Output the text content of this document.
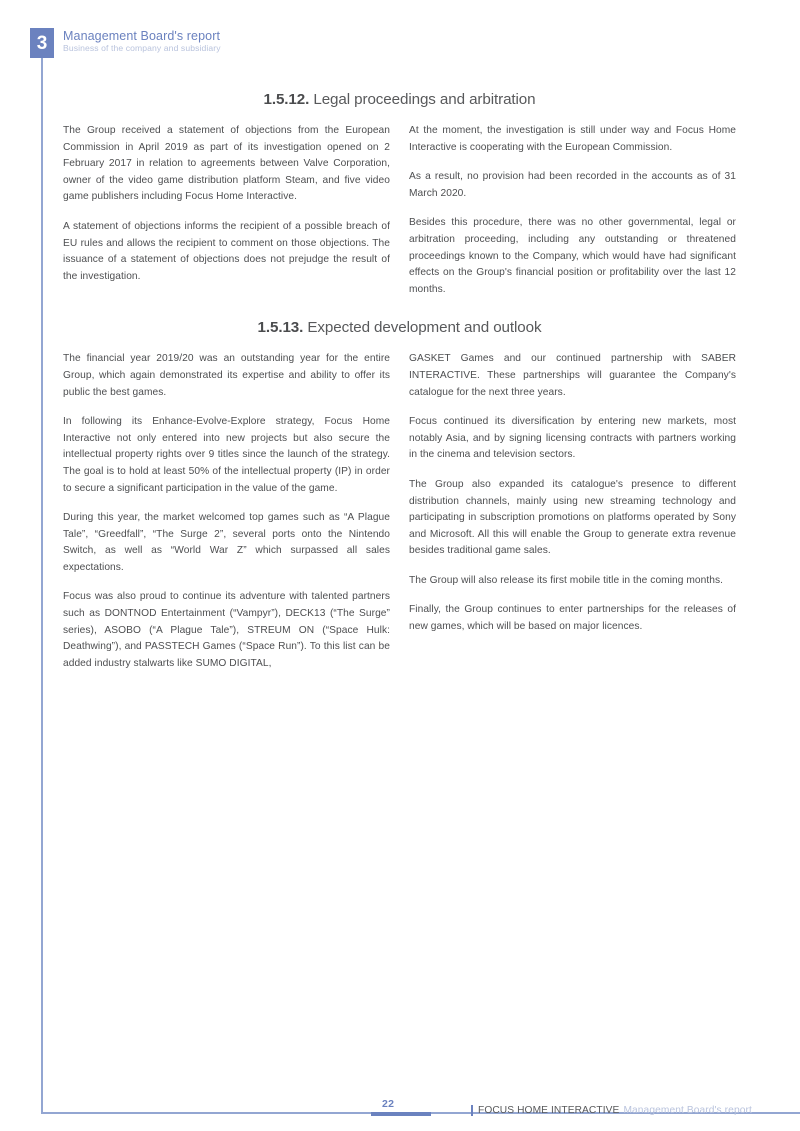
3	Management Board's report
Business of the company and subsidiary
1.5.12. Legal proceedings and arbitration

The Group received a statement of objections from the European Commission in April 2019 as part of its investigation opened on 2 February 2017 in relation to agreements between Valve Corporation, owner of the video game distribution platform Steam, and five video game publishers including Focus Home Interactive.

A statement of objections informs the recipient of a possible breach of EU rules and allows the recipient to comment on those objections. The issuance of a statement of objections does not prejudge the result of the investigation.

At the moment, the investigation is still under way and Focus Home Interactive is cooperating with the European Commission.

As a result, no provision had been recorded in the accounts as of 31 March 2020.

Besides this procedure, there was no other governmental, legal or arbitration proceeding, including any outstanding or threatened proceedings known to the Company, which would have had significant effects on the Group's financial position or profitability over the last 12 months.

1.5.13. Expected development and outlook

The financial year 2019/20 was an outstanding year for the entire Group, which again demonstrated its expertise and ability to offer its public the best games.

In following its Enhance-Evolve-Explore strategy, Focus Home Interactive not only entered into new projects but also secure the intellectual property rights over 9 titles since the launch of the strategy. The goal is to hold at least 50% of the intellectual property (IP) in order to secure a significant participation in the value of the game.

During this year, the market welcomed top games such as “A Plague Tale”, “Greedfall”, “The Surge 2”, several ports onto the Nintendo Switch, as well as “World War Z” which surpassed all sales expectations.

Focus was also proud to continue its adventure with talented partners such as DONTNOD Entertainment (“Vampyr”), DECK13 (“The Surge” series), ASOBO (“A Plague Tale”), STREUM ON (“Space Hulk: Deathwing”), and PASSTECH Games (“Space Run”). To this list can be added industry stalwarts like SUMO DIGITAL,

GASKET Games and our continued partnership with SABER INTERACTIVE. These partnerships will guarantee the Company's catalogue for the next three years.

Focus continued its diversification by entering new markets, most notably Asia, and by signing licensing contracts with partners working in the cinema and television sectors.

The Group also expanded its catalogue's presence to different distribution channels, mainly using new streaming technology and participating in subscription promotions on platforms operated by Sony and Microsoft. All this will enable the Group to generate extra revenue besides traditional game sales.

The Group will also release its first mobile title in the coming months.

Finally, the Group continues to enter partnerships for the releases of new games, which will be based on major licences.

22
FOCUS HOME INTERACTIVE Management Board's report
